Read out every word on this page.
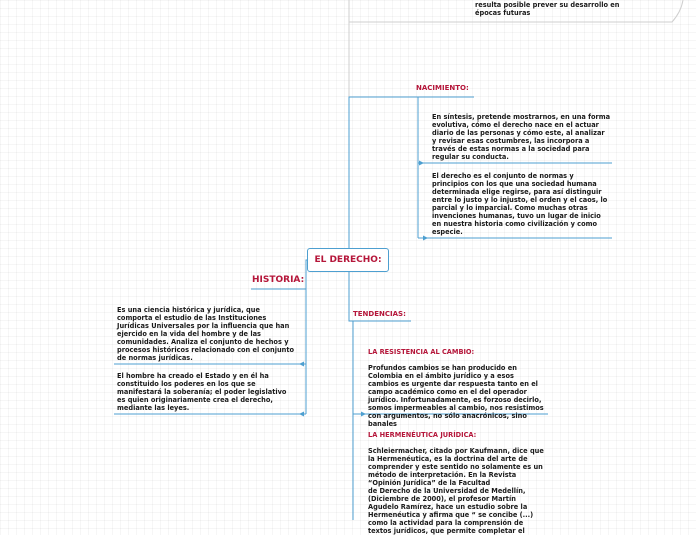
resulta posible prever su desarrollo en
épocas futuras
EL DERECHO:
NACIMIENTO:
En síntesis, pretende mostrarnos, en una forma
evolutiva, cómo el derecho nace en el actuar
diario de las personas y cómo este, al analizar
y revisar esas costumbres, las incorpora a
través de estas normas a la sociedad para
regular su conducta.
El derecho es el conjunto de normas y
principios con los que una sociedad humana
determinada elige regirse, para así distinguir
entre lo justo y lo injusto, el orden y el caos, lo
parcial y lo imparcial. Como muchas otras
invenciones humanas, tuvo un lugar de inicio
en nuestra historia como civilización y como
especie.
HISTORIA:
Es una ciencia histórica y jurídica, que
comporta el estudio de las Instituciones
Jurídicas Universales por la influencia que han
ejercido en la vida del hombre y de las
comunidades. Analiza el conjunto de hechos y
procesos históricos relacionado con el conjunto
de normas jurídicas.
El hombre ha creado el Estado y en él ha
constituido los poderes en los que se
manifestará la soberanía; el poder legislativo
es quien originariamente crea el derecho,
mediante las leyes.
TENDENCIAS:

LA RESISTENCIA AL CAMBIO:

Profundos cambios se han producido en
Colombia en el ámbito jurídico y a esos
cambios es urgente dar respuesta tanto en el
campo académico como en el del operador
jurídico. Infortunadamente, es forzoso decirlo,
somos impermeables al cambio, nos resistimos
con argumentos, no sólo anacrónicos, sino
banales

LA HERMENÉUTICA JURÍDICA:

Schleiermacher, citado por Kaufmann, dice que
la Hermenéutica, es la doctrina del arte de
comprender y este sentido no solamente es un
método de interpretación. En la Revista
“Opinión Jurídica” de la Facultad
de Derecho de la Universidad de Medellín,
(Diciembre de 2000), el profesor Martín
Agudelo Ramírez, hace un estudio sobre la
Hermenéutica y afirma que “ se concibe (...)
como la actividad para la comprensión de
textos jurídicos, que permite completar el
